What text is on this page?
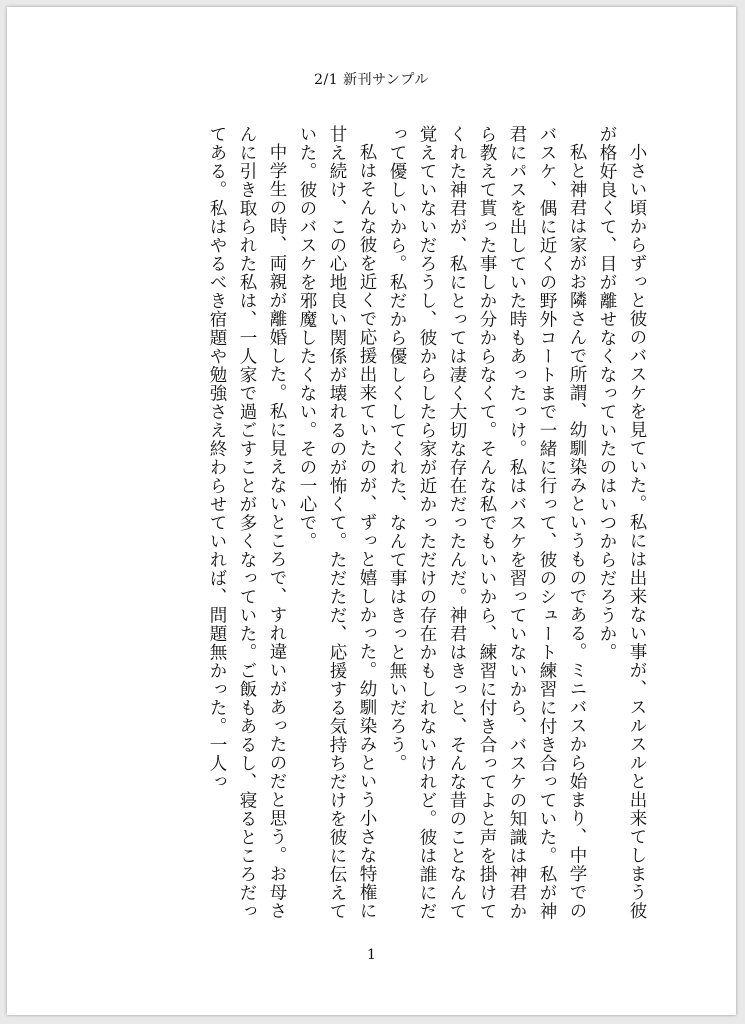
2/1 新刊サンプル

小さい頃からずっと彼のバスケを見ていた。私には出来ない事が、スルスルと出来てしまう彼が格好良くて、目が離せなくなっていたのはいつからだろうか。

私と神君は家がお隣さんで所謂、幼馴染みというものである。ミニバスから始まり、中学でのバスケ、偶に近くの野外コートまで一緒に行って、彼のシュート練習に付き合っていた。私が神君にパスを出していた時もあったっけ。私はバスケを習っていないから、バスケの知識は神君から教えて貰った事しか分からなくて。そんな私でもいいから、練習に付き合ってよと声を掛けてくれた神君が、私にとっては凄く大切な存在だったんだ。神君はきっと、そんな昔のことなんて覚えていないだろうし、彼からしたら家が近かっただけの存在かもしれないけれど。彼は誰にだって優しいから。私だから優しくしてくれた、なんて事はきっと無いだろう。

私はそんな彼を近くで応援出来ていたのが、ずっと嬉しかった。幼馴染みという小さな特権に甘え続け、この心地良い関係が壊れるのが怖くて。ただただ、応援する気持ちだけを彼に伝えていた。彼のバスケを邪魔したくない。その一心で。

中学生の時、両親が離婚した。私に見えないところで、すれ違いがあったのだと思う。お母さんに引き取られた私は、一人家で過ごすことが多くなっていた。ご飯もあるし、寝るところだってある。私はやるべき宿題や勉強さえ終わらせていれば、問題無かった。一人っ

1
